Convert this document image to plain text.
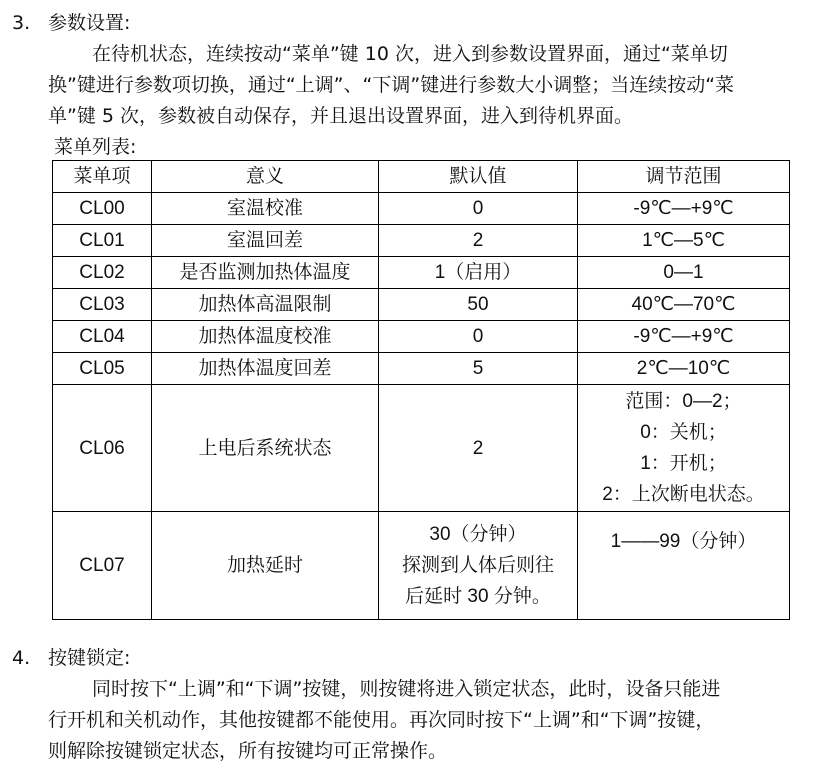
3. 参数设置:
在待机状态，连续按动“菜单”键 10 次，进入到参数设置界面，通过“菜单切
换”键进行参数项切换，通过“上调”、“下调”键进行参数大小调整；当连续按动“菜
单”键 5 次，参数被自动保存，并且退出设置界面，进入到待机界面。
菜单列表:
菜单项	意义	默认值	调节范围
CL00	室温校准	0	-9℃—+9℃
CL01	室温回差	2	1℃—5℃
CL02	是否监测加热体温度	1（启用）	0—1
CL03	加热体高温限制	50	40℃—70℃
CL04	加热体温度校准	0	-9℃—+9℃
CL05	加热体温度回差	5	2℃—10℃
CL06	上电后系统状态	2	范围：0—2；
0：关机；
1：开机；
2：上次断电状态。

CL07	加热延时	30（分钟）
探测到人体后则往
后延时 30 分钟。	1——99（分钟）
4. 按键锁定:
同时按下“上调”和“下调”按键，则按键将进入锁定状态，此时，设备只能进
行开机和关机动作，其他按键都不能使用。再次同时按下“上调”和“下调”按键，
则解除按键锁定状态，所有按键均可正常操作。
